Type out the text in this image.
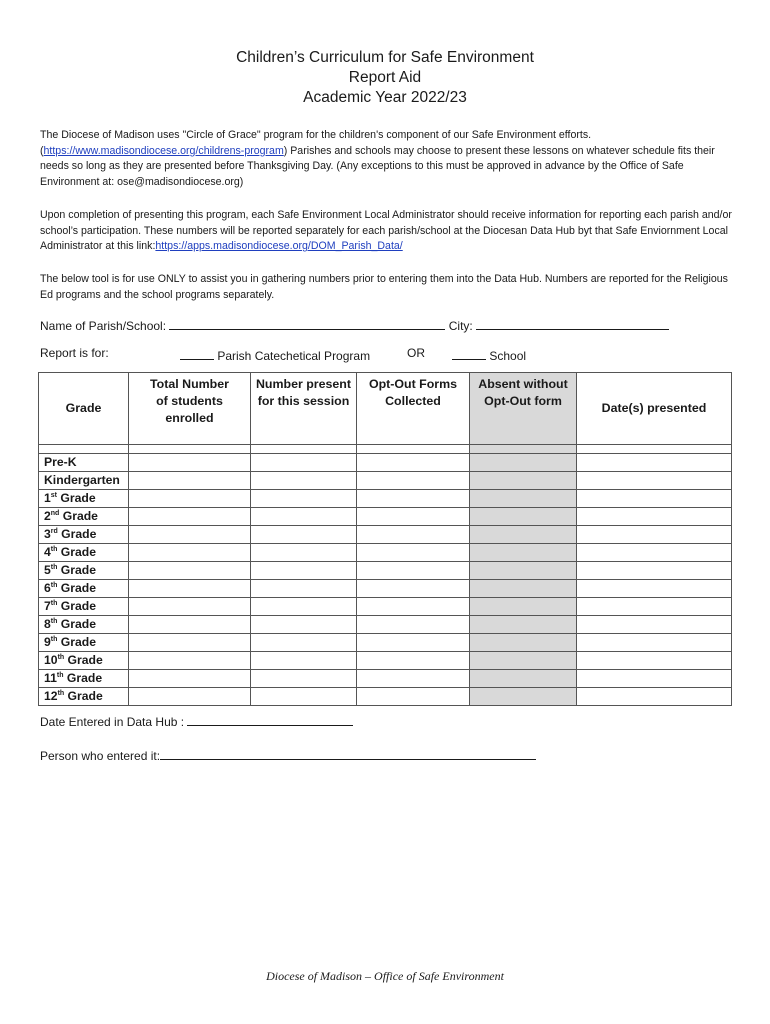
Children’s Curriculum for Safe Environment
Report Aid
Academic Year 2022/23
The Diocese of Madison uses "Circle of Grace" program for the children's component of our Safe Environment efforts.
(https://www.madisondiocese.org/childrens-program) Parishes and schools may choose to present these lessons on whatever schedule fits their needs so long as they are presented before Thanksgiving Day. (Any exceptions to this must be approved in advance by the Office of Safe Environment at: ose@madisondiocese.org)
Upon completion of presenting this program, each Safe Environment Local Administrator should receive information for reporting each parish and/or school’s participation. These numbers will be reported separately for each parish/school at the Diocesan Data Hub byt that Safe Enviornment Local Administrator at this link:https://apps.madisondiocese.org/DOM_Parish_Data/
The below tool is for use ONLY to assist you in gathering numbers prior to entering them into the Data Hub. Numbers are reported for the Religious Ed programs and the school programs separately.
Name of Parish/School:	City:
Report is for:	Parish Catechetical Program	OR	School
Grade	Total Number of students enrolled	Number present for this session	Opt-Out Forms Collected	Absent without Opt-Out form	Date(s) presented

Pre-K					
Kindergarten					
1st Grade					
2nd Grade					
3rd Grade					
4th Grade					
5th Grade					
6th Grade					
7th Grade					
8th Grade					
9th Grade					
10th Grade					
11th Grade					
12th Grade					
Date Entered in Data Hub :
Person who entered it:
Diocese of Madison – Office of Safe Environment
